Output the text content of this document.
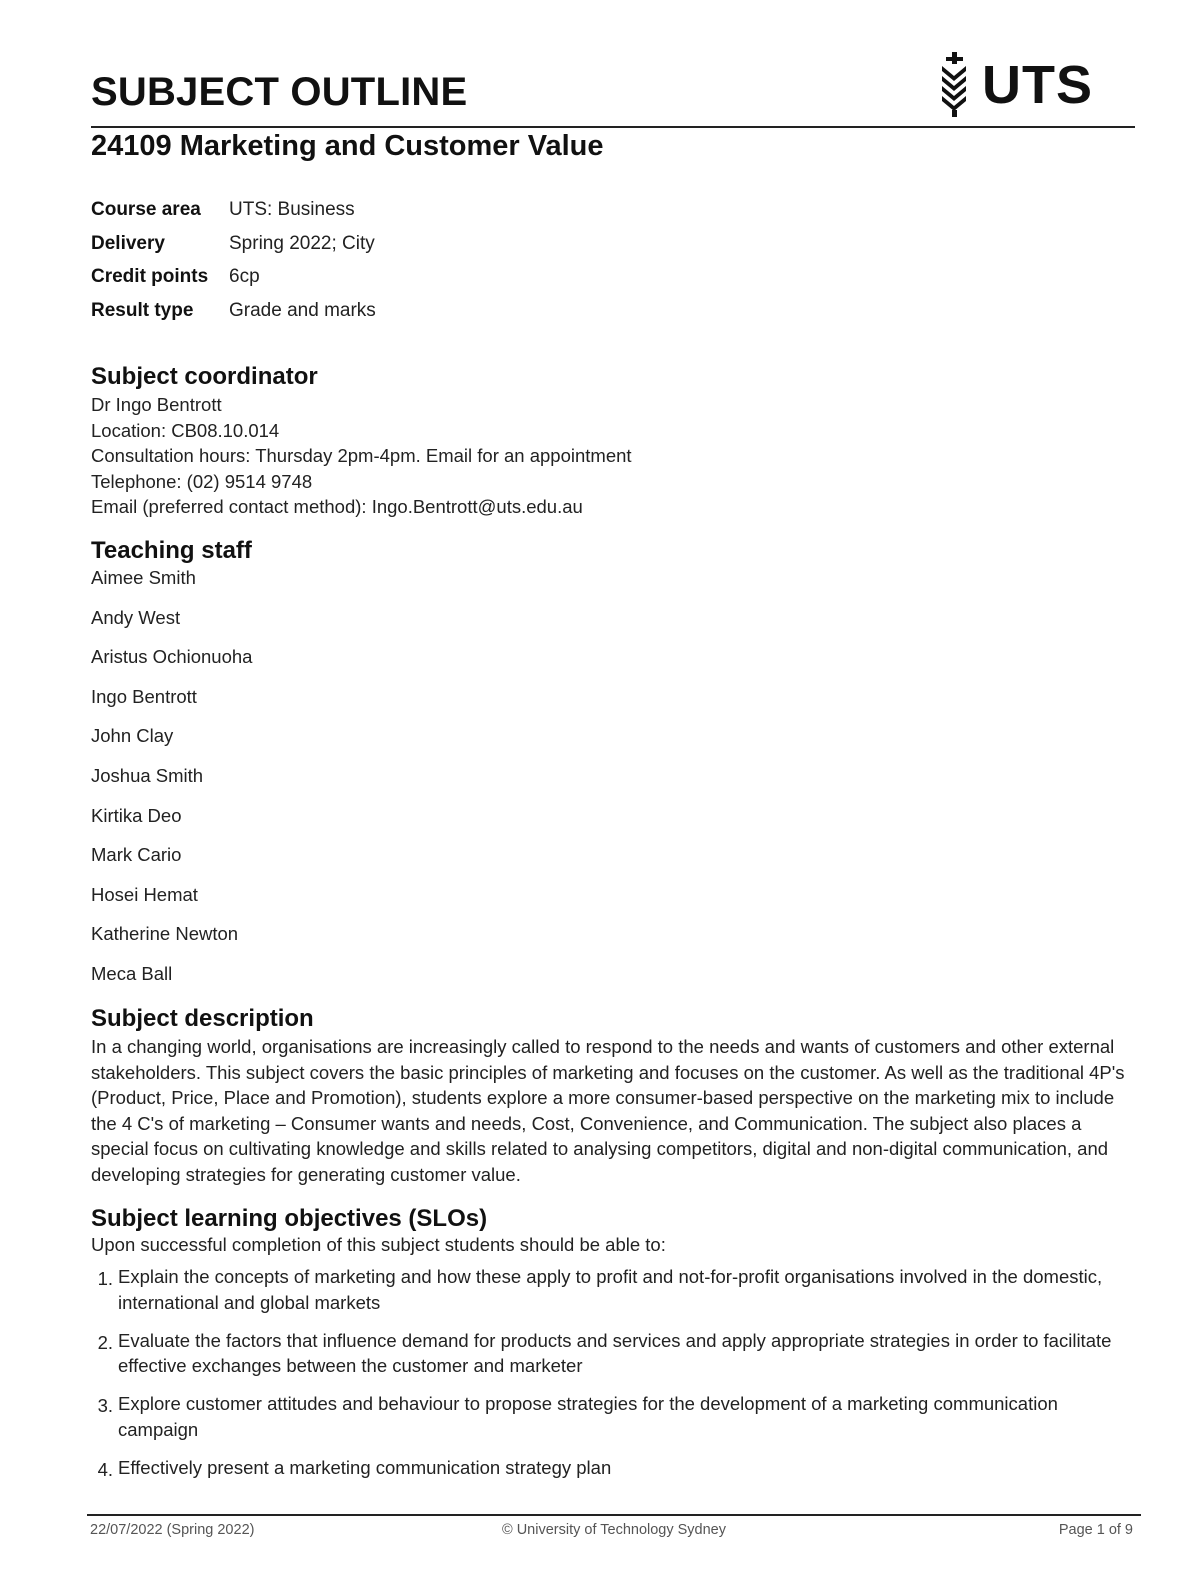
SUBJECT OUTLINE	UTS
24109 Marketing and Customer Value
Course area	UTS: Business
Delivery	Spring 2022; City
Credit points	6cp
Result type	Grade and marks
Subject coordinator
Dr Ingo Bentrott
Location: CB08.10.014
Consultation hours: Thursday 2pm-4pm. Email for an appointment
Telephone: (02) 9514 9748
Email (preferred contact method): Ingo.Bentrott@uts.edu.au
Teaching staff
Aimee Smith
Andy West
Aristus Ochionuoha
Ingo Bentrott
John Clay
Joshua Smith
Kirtika Deo
Mark Cario
Hosei Hemat
Katherine Newton
Meca Ball
Subject description
In a changing world, organisations are increasingly called to respond to the needs and wants of customers and other external stakeholders. This subject covers the basic principles of marketing and focuses on the customer. As well as the traditional 4P's (Product, Price, Place and Promotion), students explore a more consumer-based perspective on the marketing mix to include the 4 C's of marketing – Consumer wants and needs, Cost, Convenience, and Communication. The subject also places a special focus on cultivating knowledge and skills related to analysing competitors, digital and non-digital communication, and developing strategies for generating customer value.
Subject learning objectives (SLOs)
Upon successful completion of this subject students should be able to:
1. Explain the concepts of marketing and how these apply to profit and not-for-profit organisations involved in the domestic, international and global markets
2. Evaluate the factors that influence demand for products and services and apply appropriate strategies in order to facilitate effective exchanges between the customer and marketer
3. Explore customer attitudes and behaviour to propose strategies for the development of a marketing communication campaign
4. Effectively present a marketing communication strategy plan
22/07/2022 (Spring 2022)	© University of Technology Sydney	Page 1 of 9
